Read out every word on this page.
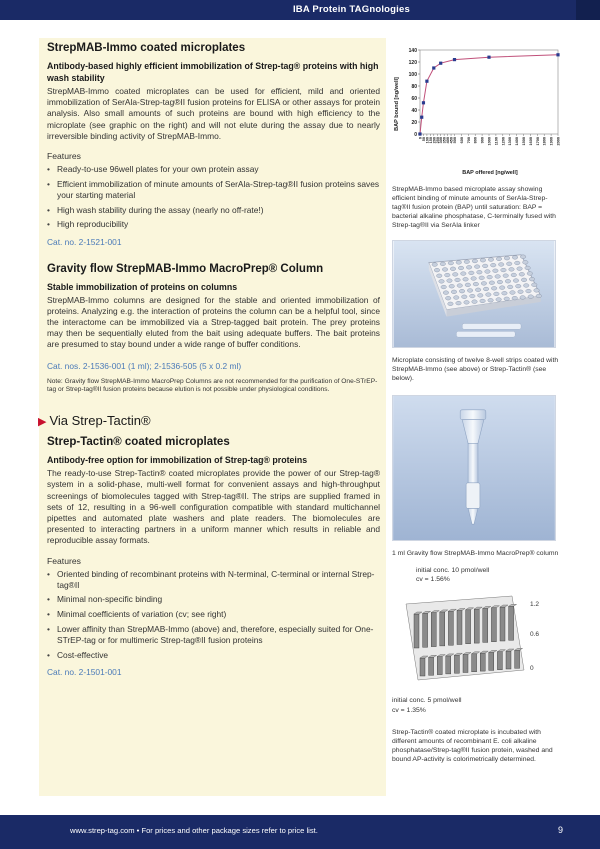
IBA Protein TAGnologies
StrepMAB-Immo coated microplates
Antibody-based highly efficient immobilization of Strep-tag® proteins with high wash stability
StrepMAB-Immo coated microplates can be used for efficient, mild and oriented immobilization of SerAla-Strep-tag®II fusion proteins for ELISA or other assays for protein analysis. Also small amounts of such proteins are bound with high efficiency to the microplate (see graphic on the right) and will not elute during the assay due to nearly irreversible binding activity of StrepMAB-Immo.
Features
• Ready-to-use 96well plates for your own protein assay
• Efficient immobilization of minute amounts of SerAla-Strep-tag®II fusion proteins saves your starting material
• High wash stability during the assay (nearly no off-rate!)
• High reproducibility
Cat. no. 2-1521-001
Gravity flow StrepMAB-Immo MacroPrep® Column
Stable immobilization of proteins on columns
StrepMAB-Immo columns are designed for the stable and oriented immobilization of proteins. Analyzing e.g. the interaction of proteins the column can be a helpful tool, since the interactome can be immobilized via a Strep-tagged bait protein. The prey proteins may then be sequentially eluted from the bait using adequate buffers. The bait proteins are presumed to stay bound under a wide range of buffer conditions.
Cat. nos. 2-1536-001 (1 ml); 2-1536-505 (5 x 0.2 ml)
Note: Gravity flow StrepMAB-Immo MacroPrep Columns are not recommended for the purification of One-STrEP-tag or Strep-tag®II fusion proteins because elution is not possible under physiological conditions.
▶ Via Strep-Tactin®
Strep-Tactin® coated microplates
Antibody-free option for immobilization of Strep-tag® proteins
The ready-to-use Strep-Tactin® coated microplates provide the power of our Strep-tag® system in a solid-phase, multi-well format for convenient assays and high-throughput screenings of biomolecules tagged with Strep-tag®II. The strips are supplied framed in sets of 12, resulting in a 96-well configuration compatible with standard multichannel pipettes and automated plate washers and plate readers. The biomolecules are presented to interacting partners in a uniform manner which results in reliable and reproducible assay formats.
Features
• Oriented binding of recombinant proteins with N-terminal, C-terminal or internal Strep-tag®II
• Minimal non-specific binding
• Minimal coefficients of variation (cv; see right)
• Lower affinity than StrepMAB-Immo (above) and, therefore, especially suited for One-STrEP-tag or for multimeric Strep-tag®II fusion proteins
• Cost-effective
Cat. no. 2-1501-001
0
20
40
60
80
100
120
140
0 50 100 150 200 250 300 350 400 450 500 600 700 800 900 1000 1100 1200 1300 1400 1500 1600 1700 1800 1900 2000
BAP bound [ng/well]
BAP offered [ng/well]
StrepMAB-Immo based microplate assay showing efficient binding of minute amounts of SerAla-Strep-tag®II fusion protein (BAP) until saturation: BAP = bacterial alkaline phosphatase, C-terminally fused with Strep-tag®II via SerAla linker
Microplate consisting of twelve 8-well strips coated with StrepMAB-Immo (see above) or Strep-Tactin® (see below).
1 ml Gravity flow StrepMAB-Immo MacroPrep® column
initial conc. 10 pmol/well
cv = 1.56%
1.2
0.6
0
initial conc. 5 pmol/well
cv = 1.35%
Strep-Tactin® coated microplate is incubated with different amounts of recombinant E. coli alkaline phosphatase/Strep-tag®II fusion protein, washed and bound AP-activity is colorimetrically determined.
www.strep-tag.com • For prices and other package sizes refer to price list.	9
